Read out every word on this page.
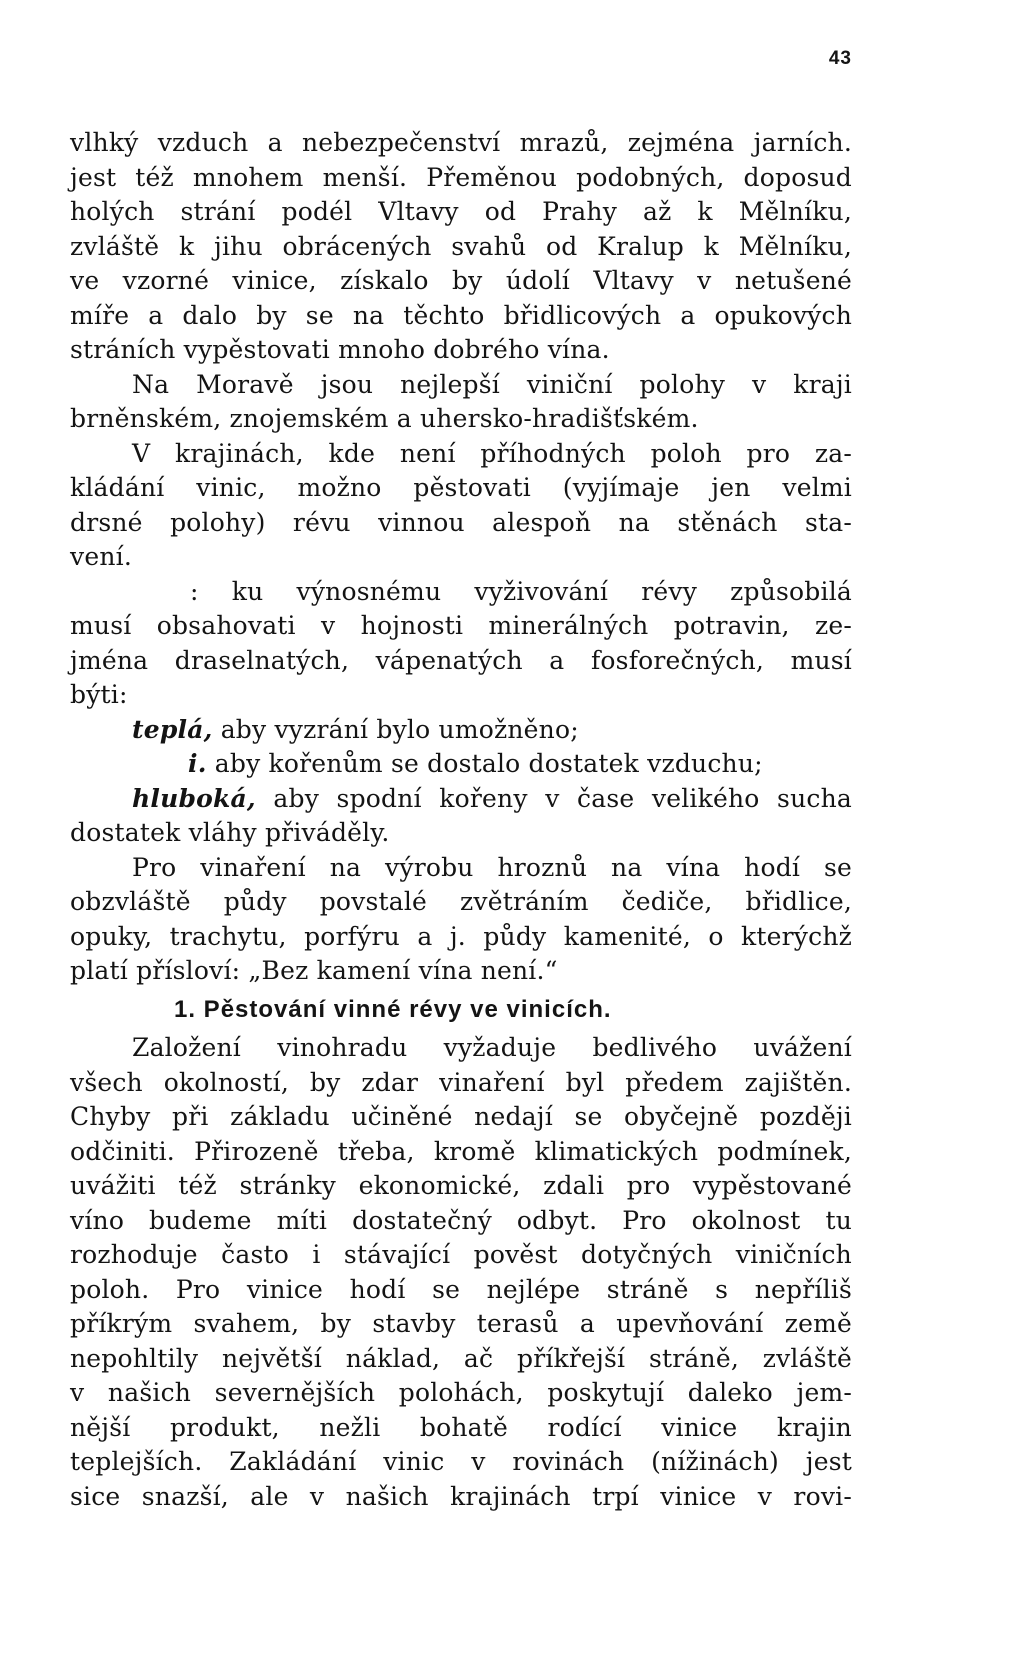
43
vlhký vzduch a nebezpečenství mrazů, zejména jarních.
jest též mnohem menší. Přeměnou podobných, doposud
holých strání podél Vltavy od Prahy až k Mělníku,
zvláště k jihu obrácených svahů od Kralup k Mělníku,
ve vzorné vinice, získalo by údolí Vltavy v netušené
míře a dalo by se na těchto břidlicových a opukových
stráních vypěstovati mnoho dobrého vína.
Na Moravě jsou nejlepší viniční polohy v kraji
brněnském, znojemském a uhersko-hradišťském.
V krajinách, kde není příhodných poloh pro za-
kládání vinic, možno pěstovati (vyjímaje jen velmi
drsné polohy) révu vinnou alespoň na stěnách sta-
vení.
: ku výnosnému vyživování révy způsobilá
musí obsahovati v hojnosti minerálných potravin, ze-
jména draselnatých, vápenatých a fosforečných, musí
býti:
teplá, aby vyzrání bylo umožněno;
i. aby kořenům se dostalo dostatek vzduchu;
hluboká, aby spodní kořeny v čase velikého sucha
dostatek vláhy přiváděly.
Pro vinaření na výrobu hroznů na vína hodí se
obzvláště půdy povstalé zvětráním čediče, břidlice,
opuky, trachytu, porfýru a j. půdy kamenité, o kterýchž
platí přísloví: „Bez kamení vína není.“
1. Pěstování vinné révy ve vinicích.
Založení vinohradu vyžaduje bedlivého uvážení
všech okolností, by zdar vinaření byl předem zajištěn.
Chyby při základu učiněné nedají se obyčejně později
odčiniti. Přirozeně třeba, kromě klimatických podmínek,
uvážiti též stránky ekonomické, zdali pro vypěstované
víno budeme míti dostatečný odbyt. Pro okolnost tu
rozhoduje často i stávající pověst dotyčných viničních
poloh. Pro vinice hodí se nejlépe stráně s nepříliš
příkrým svahem, by stavby terasů a upevňování země
nepohltily největší náklad, ač příkřejší stráně, zvláště
v našich severnějších polohách, poskytují daleko jem-
nější produkt, nežli bohatě rodící vinice krajin
teplejších. Zakládání vinic v rovinách (nížinách) jest
sice snazší, ale v našich krajinách trpí vinice v rovi-
